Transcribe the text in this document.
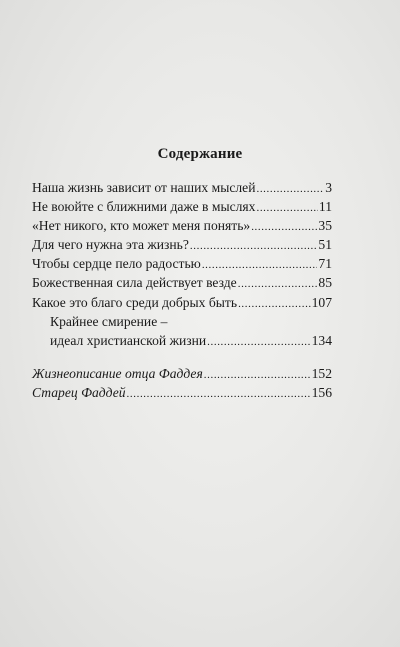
Содержание
Наша жизнь зависит от наших мыслей .....	3
Не воюйте с ближними даже в мыслях .....	11
«Нет никого, кто может меня понять» .....	35
Для чего нужна эта жизнь? .....	51
Чтобы сердце пело радостью .....	71
Божественная сила действует везде .....	85
Какое это благо среди добрых быть .....	107
Крайнее смирение –
идеал христианской жизни .....	134
Жизнеописание отца Фаддея .....	152
Старец Фаддей .....	156
